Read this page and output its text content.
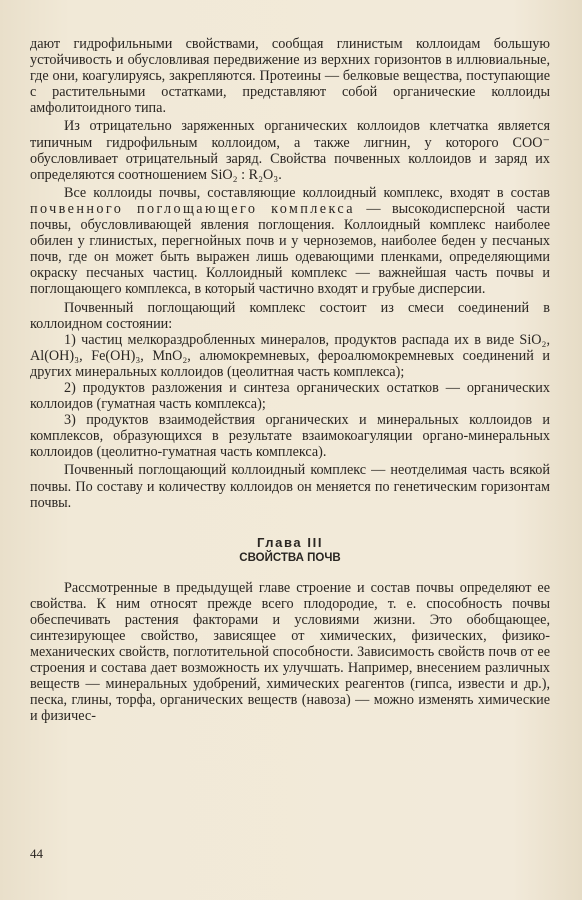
дают гидрофильными свойствами, сообщая глинистым коллоидам большую устойчивость и обусловливая передвижение из верхних горизонтов в иллювиальные, где они, коагулируясь, закрепляются. Протеины — белковые вещества, поступающие с растительными остатками, представляют собой органические коллоиды амфолитоидного типа.

Из отрицательно заряженных органических коллоидов клетчатка является типичным гидрофильным коллоидом, а также лигнин, у которого COO⁻ обусловливает отрицательный заряд. Свойства почвенных коллоидов и заряд их определяются соотношением SiO₂ : R₂O₃.

Все коллоиды почвы, составляющие коллоидный комплекс, входят в состав почвенного поглощающего комплекса — высокодисперсной части почвы, обусловливающей явления поглощения. Коллоидный комплекс наиболее обилен у глинистых, перегнойных почв и у черноземов, наиболее беден у песчаных почв, где он может быть выражен лишь одевающими пленками, определяющими окраску песчаных частиц. Коллоидный комплекс — важнейшая часть почвы и поглощающего комплекса, в который частично входят и грубые дисперсии.

Почвенный поглощающий комплекс состоит из смеси соединений в коллоидном состоянии:

1) частиц мелкораздробленных минералов, продуктов распада их в виде SiO₂, Al(OH)₃, Fe(OH)₃, MnO₂, алюмокремневых, фероалюмокремневых соединений и других минеральных коллоидов (цеолитная часть комплекса);

2) продуктов разложения и синтеза органических остатков — органических коллоидов (гуматная часть комплекса);

3) продуктов взаимодействия органических и минеральных коллоидов и комплексов, образующихся в результате взаимокоагуляции органо-минеральных коллоидов (цеолитно-гуматная часть комплекса).

Почвенный поглощающий коллоидный комплекс — неотделимая часть всякой почвы. По составу и количеству коллоидов он меняется по генетическим горизонтам почвы.

Глава III
СВОЙСТВА ПОЧВ

Рассмотренные в предыдущей главе строение и состав почвы определяют ее свойства. К ним относят прежде всего плодородие, т. е. способность почвы обеспечивать растения факторами и условиями жизни. Это обобщающее, синтезирующее свойство, зависящее от химических, физических, физико-механических свойств, поглотительной способности. Зависимость свойств почв от ее строения и состава дает возможность их улучшать. Например, внесением различных веществ — минеральных удобрений, химических реагентов (гипса, извести и др.), песка, глины, торфа, органических веществ (навоза) — можно изменять химические и физичес-

44
